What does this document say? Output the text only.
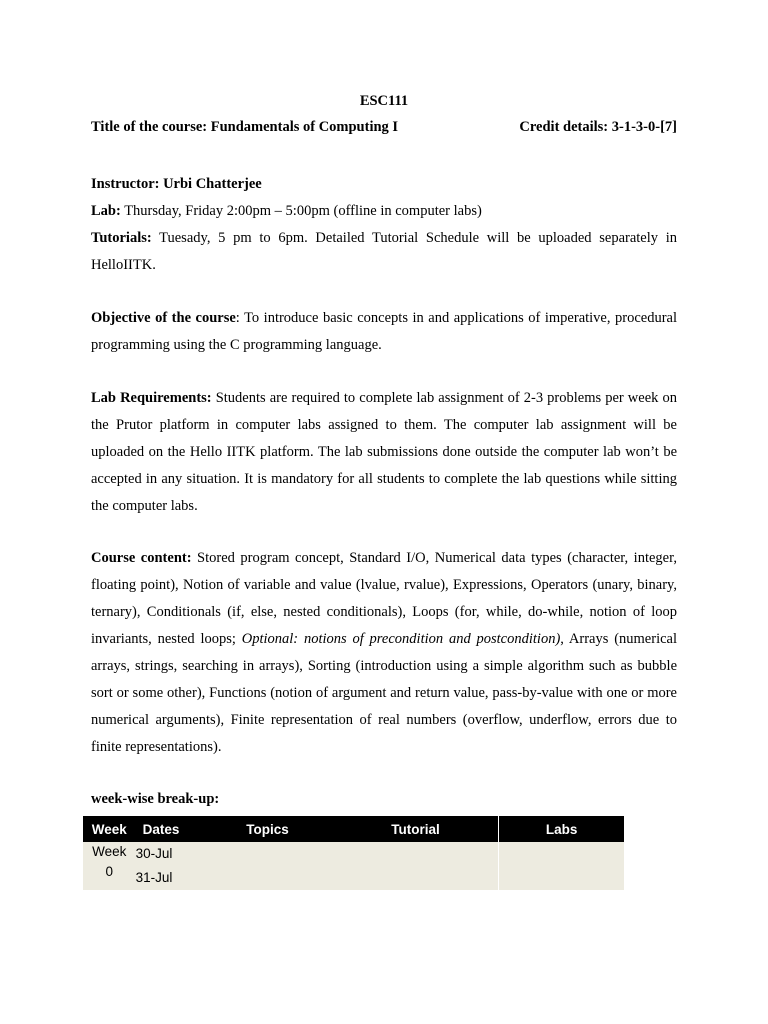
ESC111
Title of the course: Fundamentals of Computing I	Credit details: 3-1-3-0-[7]
Instructor: Urbi Chatterjee
Lab: Thursday, Friday 2:00pm – 5:00pm (offline in computer labs)
Tutorials: Tuesady, 5 pm to 6pm. Detailed Tutorial Schedule will be uploaded separately in HelloIITK.
Objective of the course: To introduce basic concepts in and applications of imperative, procedural programming using the C programming language.
Lab Requirements: Students are required to complete lab assignment of 2-3 problems per week on the Prutor platform in computer labs assigned to them. The computer lab assignment will be uploaded on the Hello IITK platform. The lab submissions done outside the computer lab won’t be accepted in any situation. It is mandatory for all students to complete the lab questions while sitting the computer labs.
Course content: Stored program concept, Standard I/O, Numerical data types (character, integer, floating point), Notion of variable and value (lvalue, rvalue), Expressions, Operators (unary, binary, ternary), Conditionals (if, else, nested conditionals), Loops (for, while, do-while, notion of loop invariants, nested loops; Optional: notions of precondition and postcondition), Arrays (numerical arrays, strings, searching in arrays), Sorting (introduction using a simple algorithm such as bubble sort or some other), Functions (notion of argument and return value, pass-by-value with one or more numerical arguments), Finite representation of real numbers (overflow, underflow, errors due to finite representations).
week-wise break-up:
Week	Dates	Topics	Tutorial	Labs
Week 0	30-Jul
31-Jul			
